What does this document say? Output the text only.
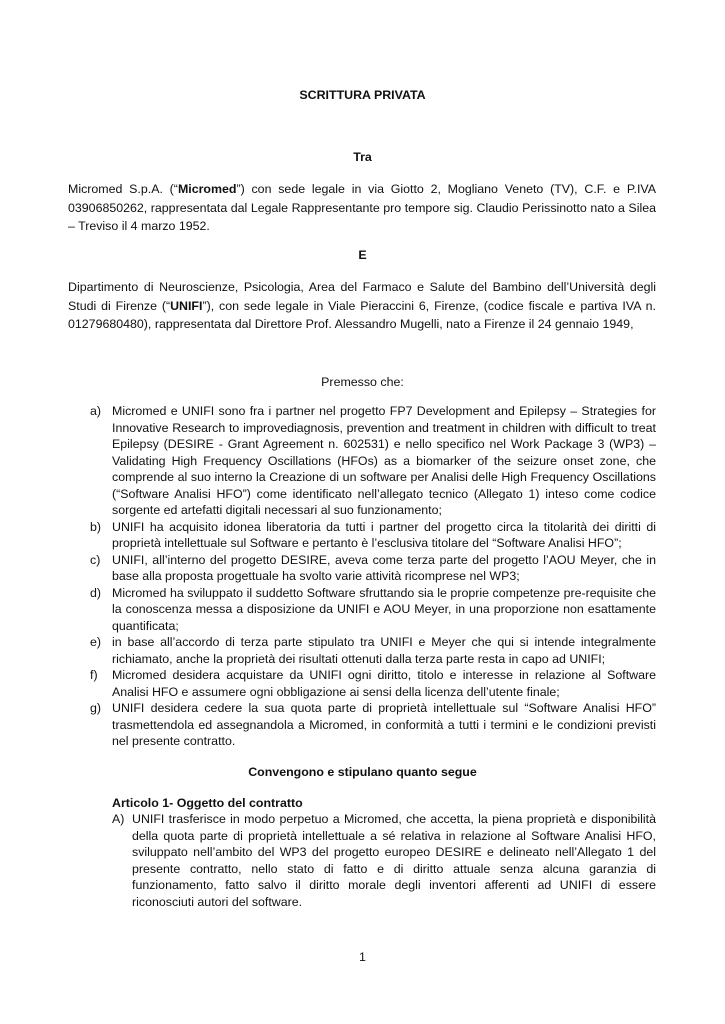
SCRITTURA PRIVATA
Tra

Micromed S.p.A. (“Micromed”) con sede legale in via Giotto 2, Mogliano Veneto (TV), C.F. e P.IVA 03906850262, rappresentata dal Legale Rappresentante pro tempore sig. Claudio Perissinotto nato a Silea – Treviso il 4 marzo 1952.

E

Dipartimento di Neuroscienze, Psicologia, Area del Farmaco e Salute del Bambino dell’Università degli Studi di Firenze (“UNIFI”), con sede legale in Viale Pieraccini 6, Firenze, (codice fiscale e partiva IVA n. 01279680480), rappresentata dal Direttore Prof. Alessandro Mugelli, nato a Firenze il 24 gennaio 1949,

Premesso che:
a) Micromed e UNIFI sono fra i partner nel progetto FP7 Development and Epilepsy – Strategies for Innovative Research to improvediagnosis, prevention and treatment in children with difficult to treat Epilepsy (DESIRE - Grant Agreement n. 602531) e nello specifico nel Work Package 3 (WP3) – Validating High Frequency Oscillations (HFOs) as a biomarker of the seizure onset zone, che comprende al suo interno la Creazione di un software per Analisi delle High Frequency Oscillations (“Software Analisi HFO”) come identificato nell’allegato tecnico (Allegato 1) inteso come codice sorgente ed artefatti digitali necessari al suo funzionamento;
b) UNIFI ha acquisito idonea liberatoria da tutti i partner del progetto circa la titolarità dei diritti di proprietà intellettuale sul Software e pertanto è l’esclusiva titolare del “Software Analisi HFO”;
c) UNIFI, all’interno del progetto DESIRE, aveva come terza parte del progetto l’AOU Meyer, che in base alla proposta progettuale ha svolto varie attività ricomprese nel WP3;
d) Micromed ha sviluppato il suddetto Software sfruttando sia le proprie competenze pre-requisite che la conoscenza messa a disposizione da UNIFI e AOU Meyer, in una proporzione non esattamente quantificata;
e) in base all’accordo di terza parte stipulato tra UNIFI e Meyer che qui si intende integralmente richiamato, anche la proprietà dei risultati ottenuti dalla terza parte resta in capo ad UNIFI;
f) Micromed desidera acquistare da UNIFI ogni diritto, titolo e interesse in relazione al Software Analisi HFO e assumere ogni obbligazione ai sensi della licenza dell’utente finale;
g) UNIFI desidera cedere la sua quota parte di proprietà intellettuale sul “Software Analisi HFO” trasmettendola ed assegnandola a Micromed, in conformità a tutti i termini e le condizioni previsti nel presente contratto.
Convengono e stipulano quanto segue
Articolo 1- Oggetto del contratto
A) UNIFI trasferisce in modo perpetuo a Micromed, che accetta, la piena proprietà e disponibilità della quota parte di proprietà intellettuale a sé relativa in relazione al Software Analisi HFO, sviluppato nell’ambito del WP3 del progetto europeo DESIRE e delineato nell’Allegato 1 del presente contratto, nello stato di fatto e di diritto attuale senza alcuna garanzia di funzionamento, fatto salvo il diritto morale degli inventori afferenti ad UNIFI di essere riconosciuti autori del software.
1
